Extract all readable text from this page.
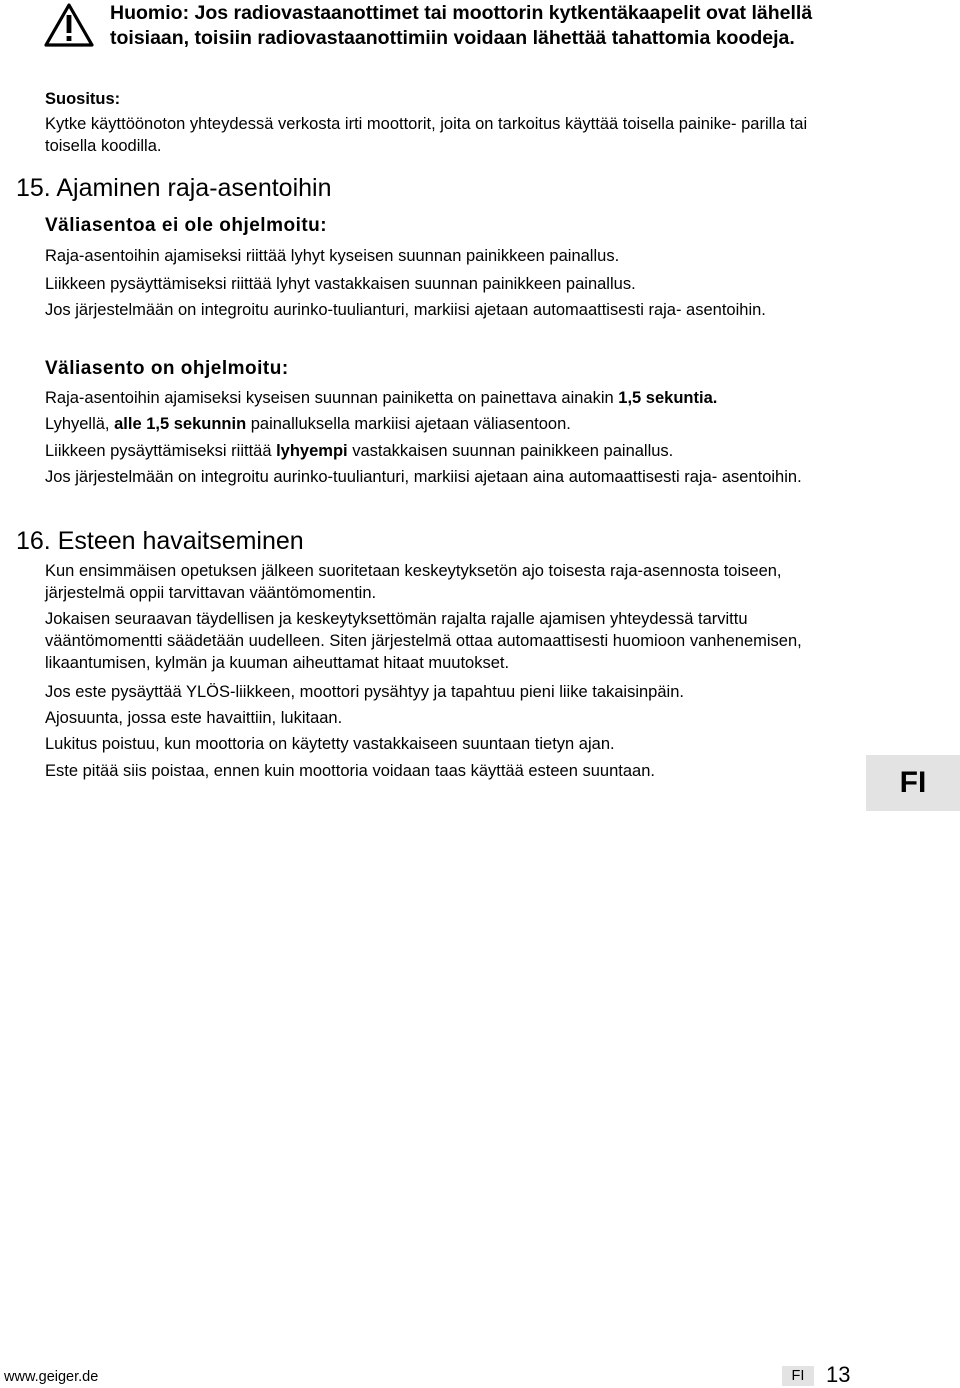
Huomio: Jos radiovastaanottimet tai moottorin kytkentäkaapelit ovat lähellä toisiaan, toisiin radiovastaanottimiin voidaan lähettää tahattomia koodeja.
Suositus:
Kytke käyttöönoton yhteydessä verkosta irti moottorit, joita on tarkoitus käyttää toisella painike- parilla tai toisella koodilla.
15. Ajaminen raja-asentoihin
Väliasentoa ei ole ohjelmoitu:
Raja-asentoihin ajamiseksi riittää lyhyt kyseisen suunnan painikkeen painallus.
Liikkeen pysäyttämiseksi riittää lyhyt vastakkaisen suunnan painikkeen painallus.
Jos järjestelmään on integroitu aurinko-tuulianturi, markiisi ajetaan automaattisesti raja- asentoihin.
Väliasento on ohjelmoitu:
Raja-asentoihin ajamiseksi kyseisen suunnan painiketta on painettava ainakin 1,5 sekuntia.
Lyhyellä, alle 1,5 sekunnin painalluksella markiisi ajetaan väliasentoon.
Liikkeen pysäyttämiseksi riittää lyhyempi vastakkaisen suunnan painikkeen painallus.
Jos järjestelmään on integroitu aurinko-tuulianturi, markiisi ajetaan aina automaattisesti raja- asentoihin.
16. Esteen havaitseminen
Kun ensimmäisen opetuksen jälkeen suoritetaan keskeytyksetön ajo toisesta raja-asennosta toiseen, järjestelmä oppii tarvittavan vääntömomentin.
Jokaisen seuraavan täydellisen ja keskeytyksettömän rajalta rajalle ajamisen yhteydessä tarvittu vääntömomentti säädetään uudelleen. Siten järjestelmä ottaa automaattisesti huomioon vanhenemisen, likaantumisen, kylmän ja kuuman aiheuttamat hitaat muutokset.
Jos este pysäyttää YLÖS-liikkeen, moottori pysähtyy ja tapahtuu pieni liike takaisinpäin.
Ajosuunta, jossa este havaittiin, lukitaan.
Lukitus poistuu, kun moottoria on käytetty vastakkaiseen suuntaan tietyn ajan.
Este pitää siis poistaa, ennen kuin moottoria voidaan taas käyttää esteen suuntaan.	FI
www.geiger.de	FI 13
